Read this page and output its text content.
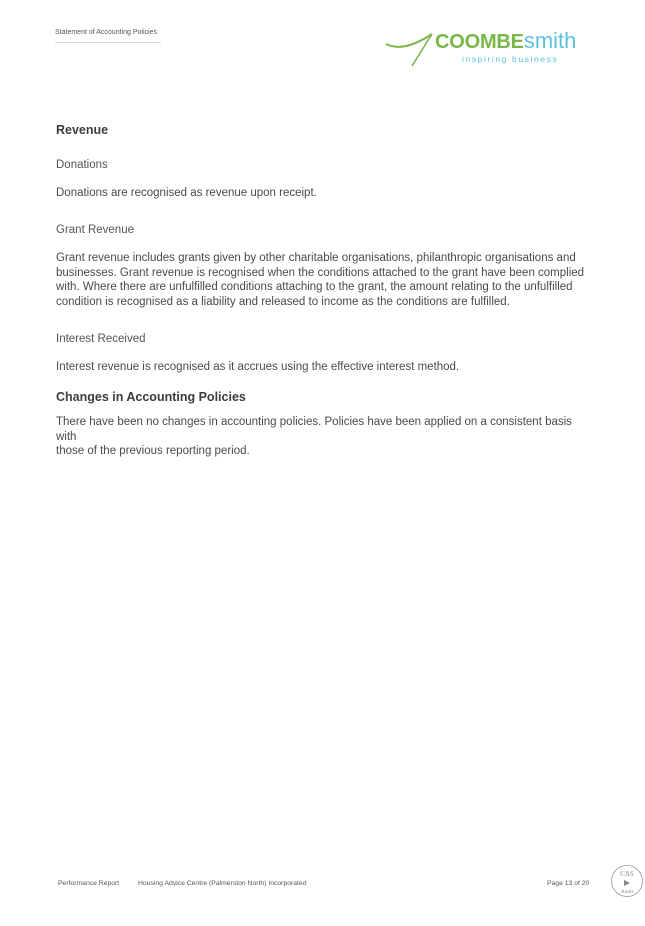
Statement of Accounting Policies	COOMBEsmith
inspiring business
Revenue
Donations
Donations are recognised as revenue upon receipt.
Grant Revenue
Grant revenue includes grants given by other charitable organisations, philanthropic organisations and
businesses. Grant revenue is recognised when the conditions attached to the grant have been complied
with. Where there are unfulfilled conditions attaching to the grant, the amount relating to the unfulfilled
condition is recognised as a liability and released to income as the conditions are fulfilled.
Interest Received
Interest revenue is recognised as it accrues using the effective interest method.
Changes in Accounting Policies
There have been no changes in accounting policies. Policies have been applied on a consistent basis with
those of the previous reporting period.
Performance Report	Housing Advice Centre (Palmerston North) Incorporated	Page 13 of 20
CAS
Audit
